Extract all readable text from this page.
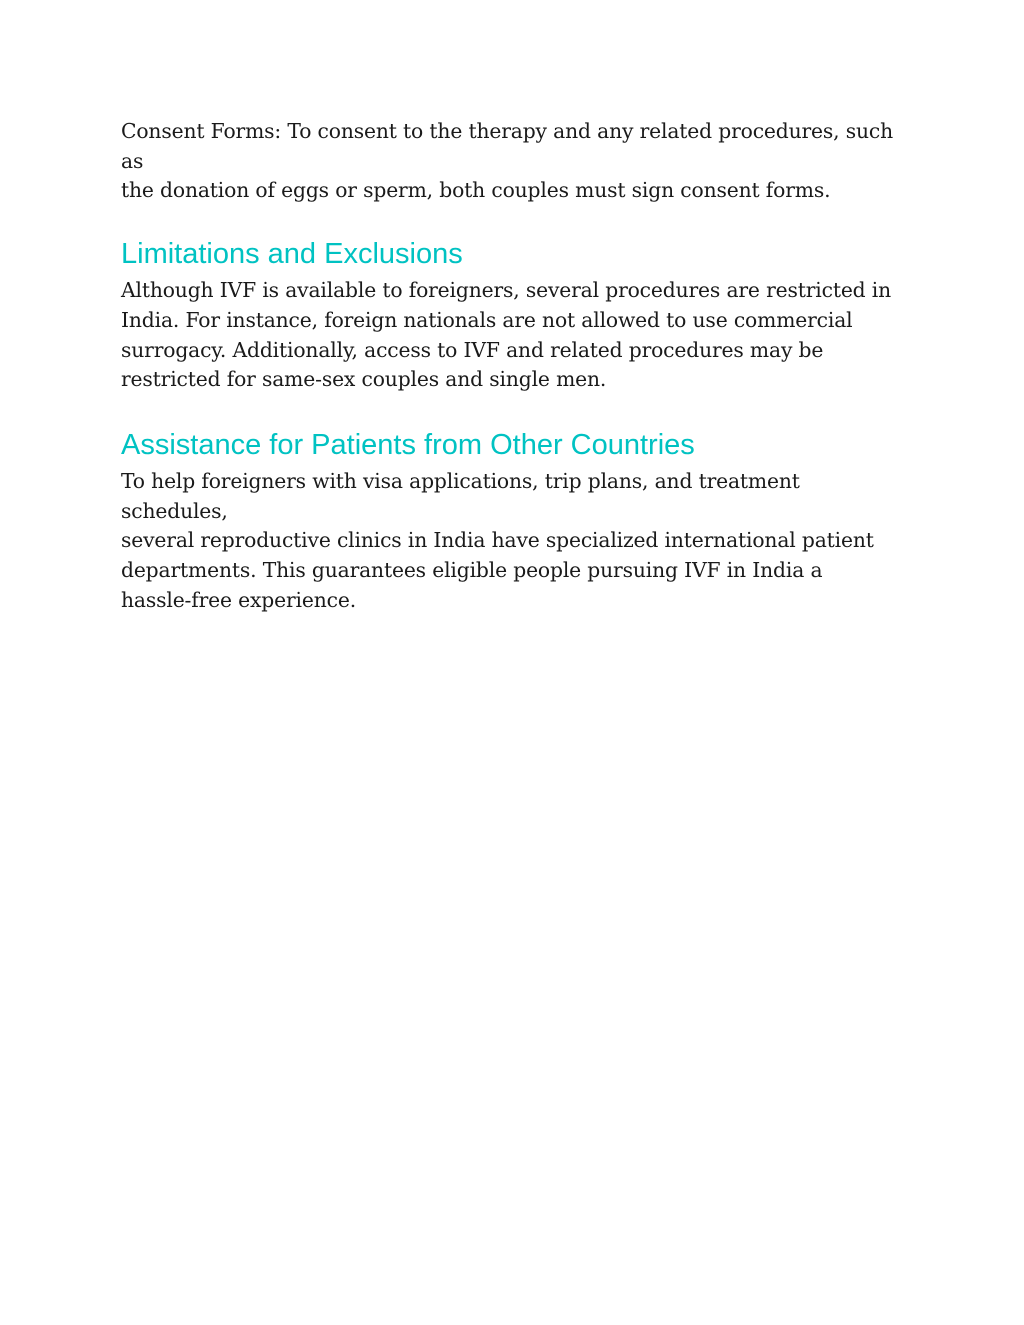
Consent Forms: To consent to the therapy and any related procedures, such as
the donation of eggs or sperm, both couples must sign consent forms.

Limitations and Exclusions

Although IVF is available to foreigners, several procedures are restricted in
India. For instance, foreign nationals are not allowed to use commercial
surrogacy. Additionally, access to IVF and related procedures may be
restricted for same-sex couples and single men.

Assistance for Patients from Other Countries

To help foreigners with visa applications, trip plans, and treatment schedules,
several reproductive clinics in India have specialized international patient
departments. This guarantees eligible people pursuing IVF in India a
hassle-free experience.
